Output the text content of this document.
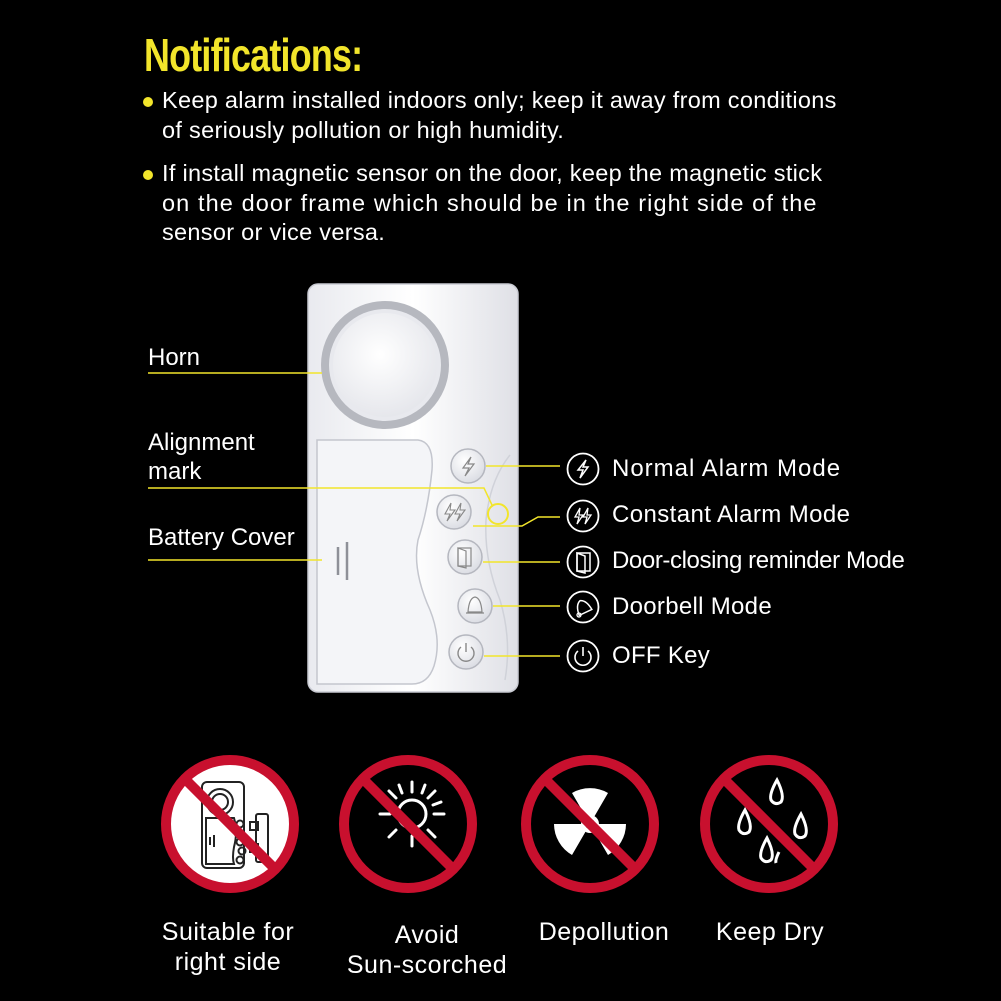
Notifications:
Keep alarm installed indoors only; keep it away from conditions
of seriously pollution or high humidity.
If install magnetic sensor on the door, keep the magnetic stick
on the door frame which should be in the right side of the
sensor or vice versa.
Horn
Alignment
mark
Battery Cover
Normal Alarm Mode
Constant Alarm Mode
Door-closing reminder Mode
Doorbell Mode
OFF Key
Suitable for
right side
Avoid
Sun-scorched
Depollution	Keep Dry
